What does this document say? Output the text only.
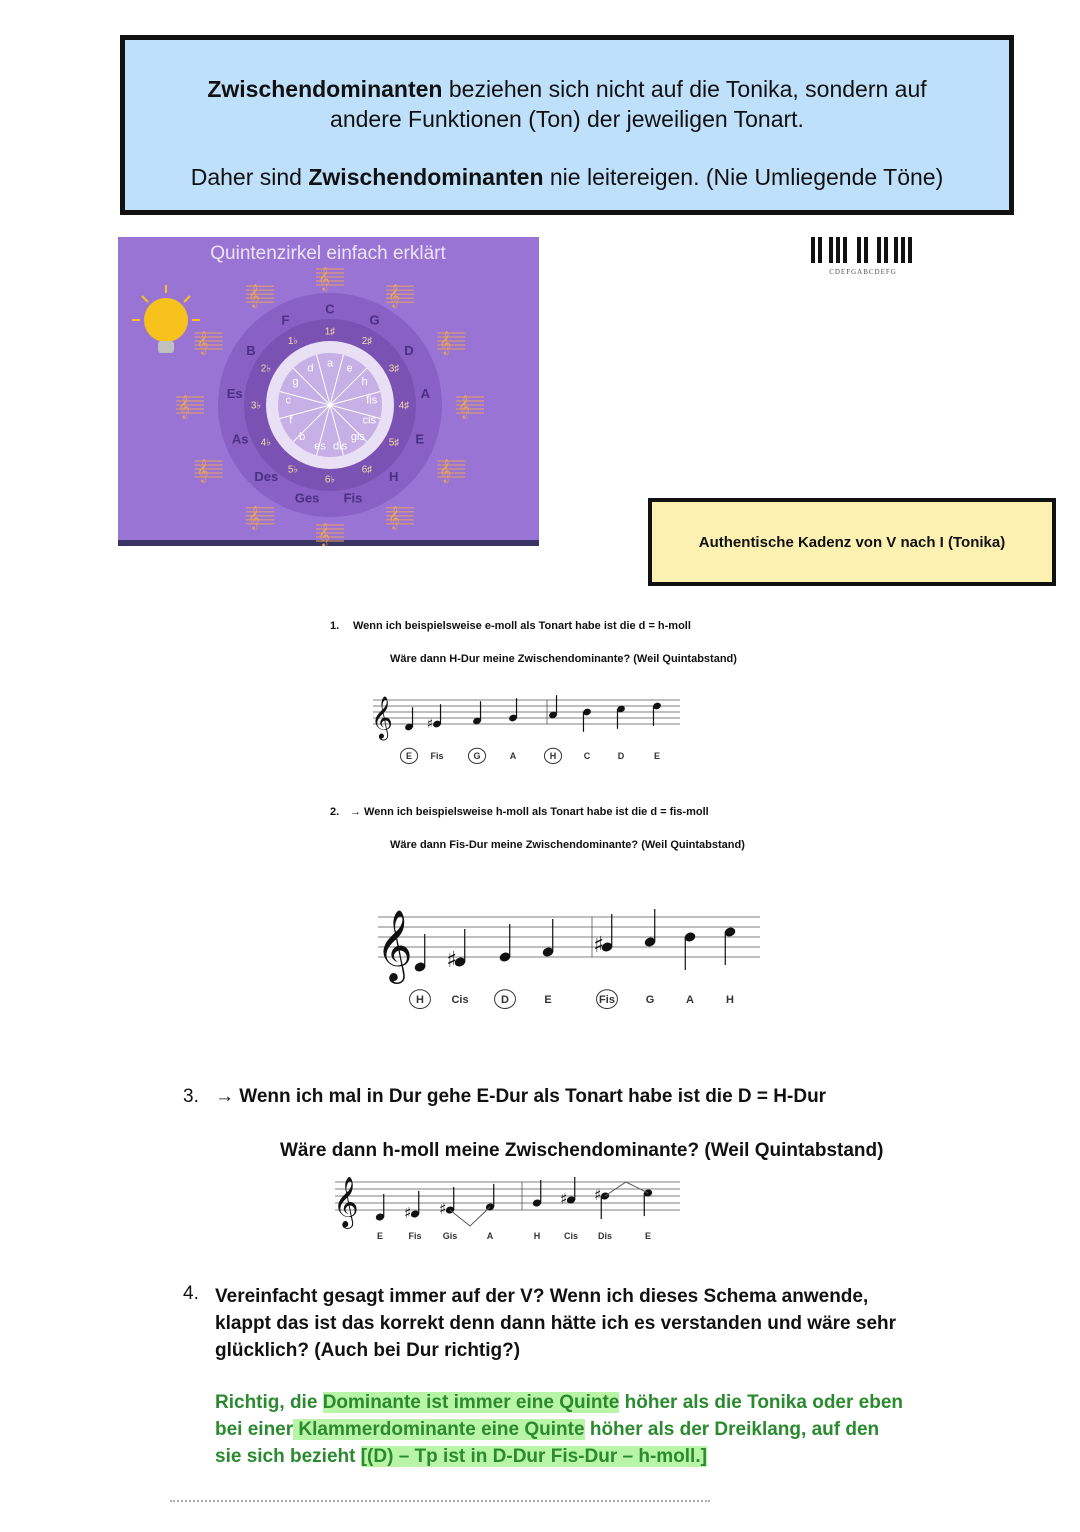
Zwischendominanten beziehen sich nicht auf die Tonika, sondern auf

andere Funktionen (Ton) der jeweiligen Tonart.

Daher sind Zwischendominanten nie leitereigen. (Nie Umliegende Töne)

Quintenzirkel einfach erklärt
C
G
D
A
E
H
Fis
Ges
Des
As
Es
B
F
a e
h
fis
cis
gis
dis
es
b
f
c
g
d
1♯
2♯
3♯
4♯
5♯
6♯
6♭
5♭
4♭
3♭
2♭
1♭
𝄞
𝄞
𝄞
𝄞
𝄞
𝄞
𝄞
𝄞
𝄞
𝄞
𝄞
𝄞
CDEFGABCDEFG
Authentische Kadenz von V nach I (Tonika)
1. Wenn ich beispielsweise e-moll als Tonart habe ist die d = h-moll
Wäre dann H-Dur meine Zwischendominante? (Weil Quintabstand)
𝄞
E
♯
Fis	G	A	H	C	D	E
2. → Wenn ich beispielsweise h-moll als Tonart habe ist die d = fis-moll
Wäre dann Fis-Dur meine Zwischendominante? (Weil Quintabstand)
𝄞
H
♯
Cis	D	E
♯
Fis	G	A	H
3. → Wenn ich mal in Dur gehe E-Dur als Tonart habe ist die D = H-Dur
Wäre dann h-moll meine Zwischendominante? (Weil Quintabstand)
𝄞
E
♯
Fis
♯
Gis	A	H
♯
Cis
♯
Dis	E
4. Vereinfacht gesagt immer auf der V? Wenn ich dieses Schema anwende,
klappt das ist das korrekt denn dann hätte ich es verstanden und wäre sehr
glücklich? (Auch bei Dur richtig?)
Richtig, die Dominante ist immer eine Quinte höher als die Tonika oder eben
bei einer Klammerdominante eine Quinte höher als der Dreiklang, auf den
sie sich bezieht [(D) – Tp ist in D-Dur Fis-Dur – h-moll.]
